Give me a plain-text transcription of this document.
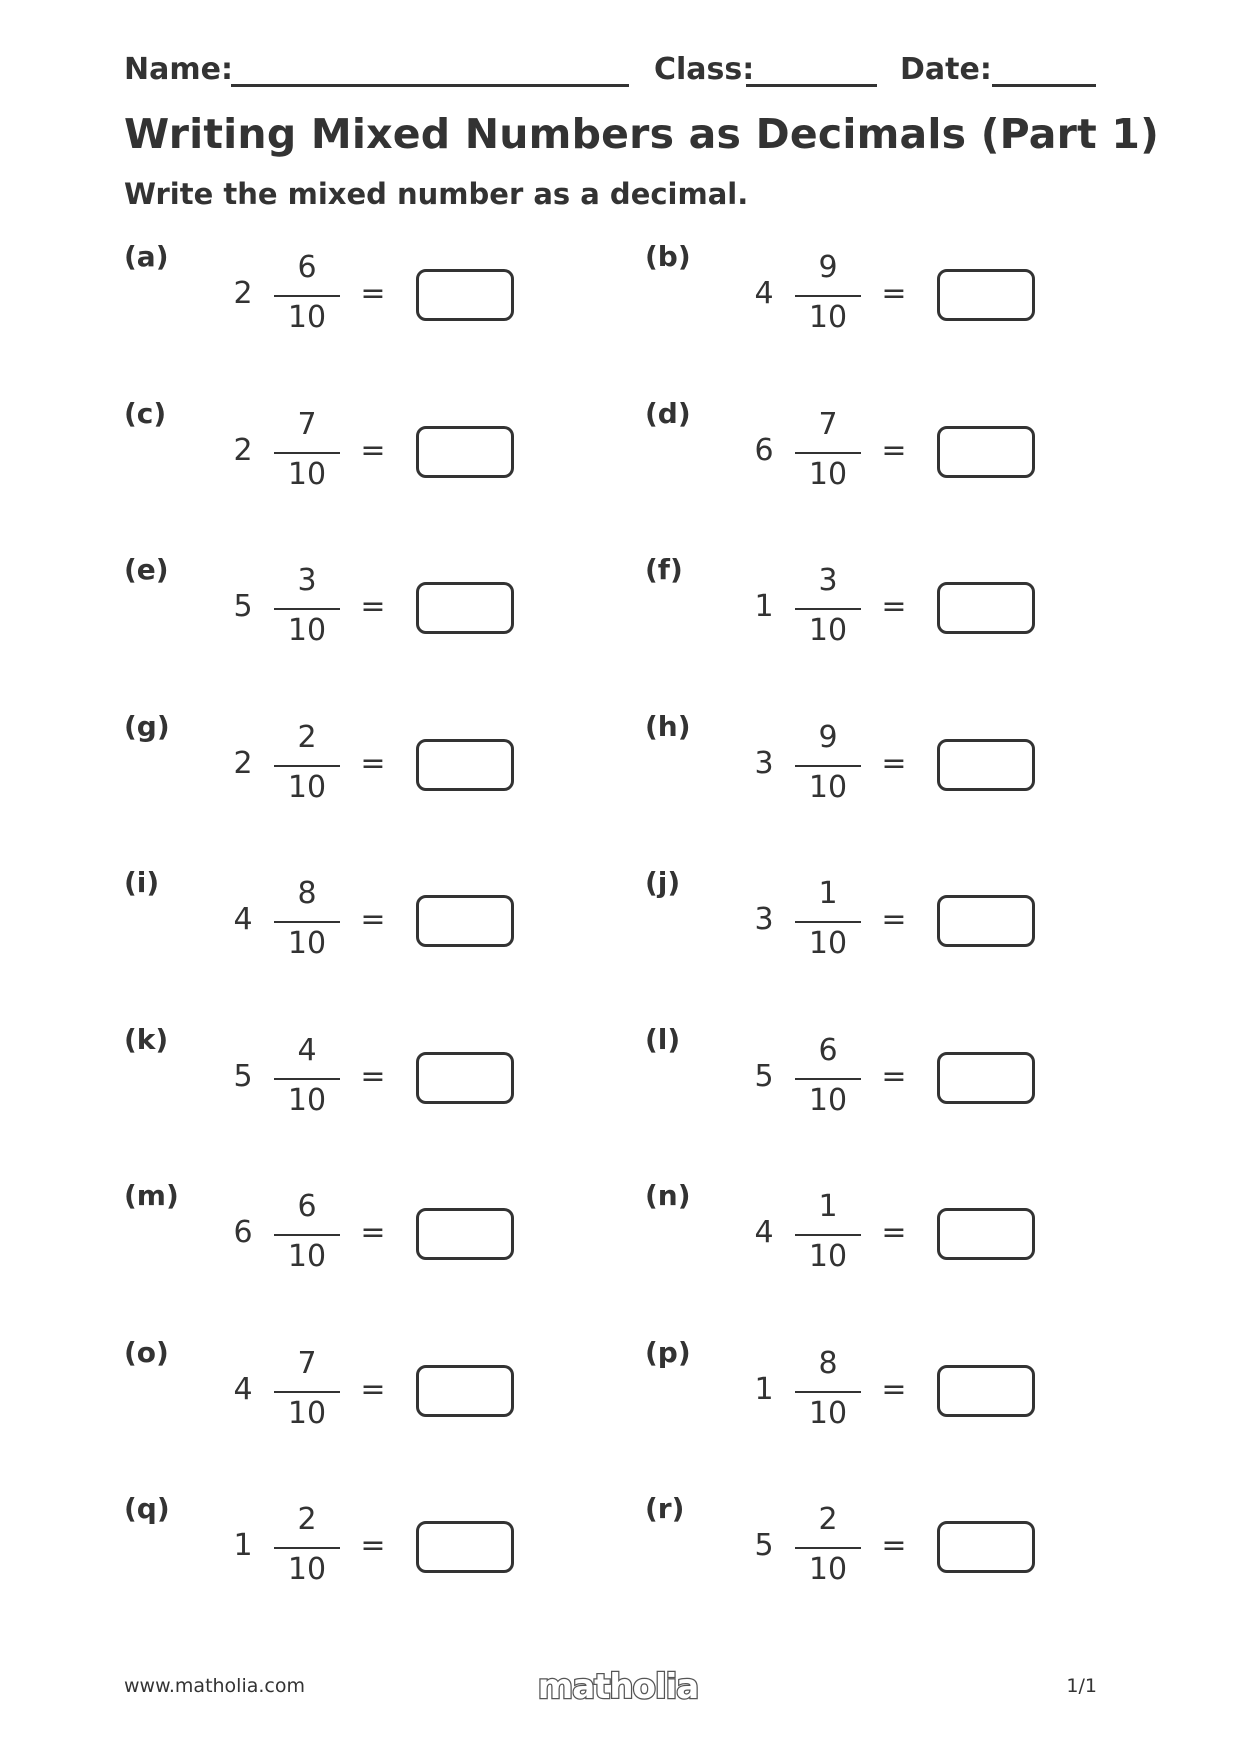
Name:	Class:	Date:
Writing Mixed Numbers as Decimals (Part 1)
Write the mixed number as a decimal.
(a)
2
6
10
=
(b)
4
9
10
=
(c)
2
7
10
=
(d)
6
7
10
=
(e)
5
3
10
=
(f)
1
3
10
=
(g)
2
2
10
=
(h)
3
9
10
=
(i)
4
8
10
=
(j)
3
1
10
=
(k)
5
4
10
=
(l)
5
6
10
=
(m)
6
6
10
=
(n)
4
1
10
=
(o)
4
7
10
=
(p)
1
8
10
=
(q)
1
2
10
=
(r)
5
2
10
=
www.matholia.com	matholia	1/1
